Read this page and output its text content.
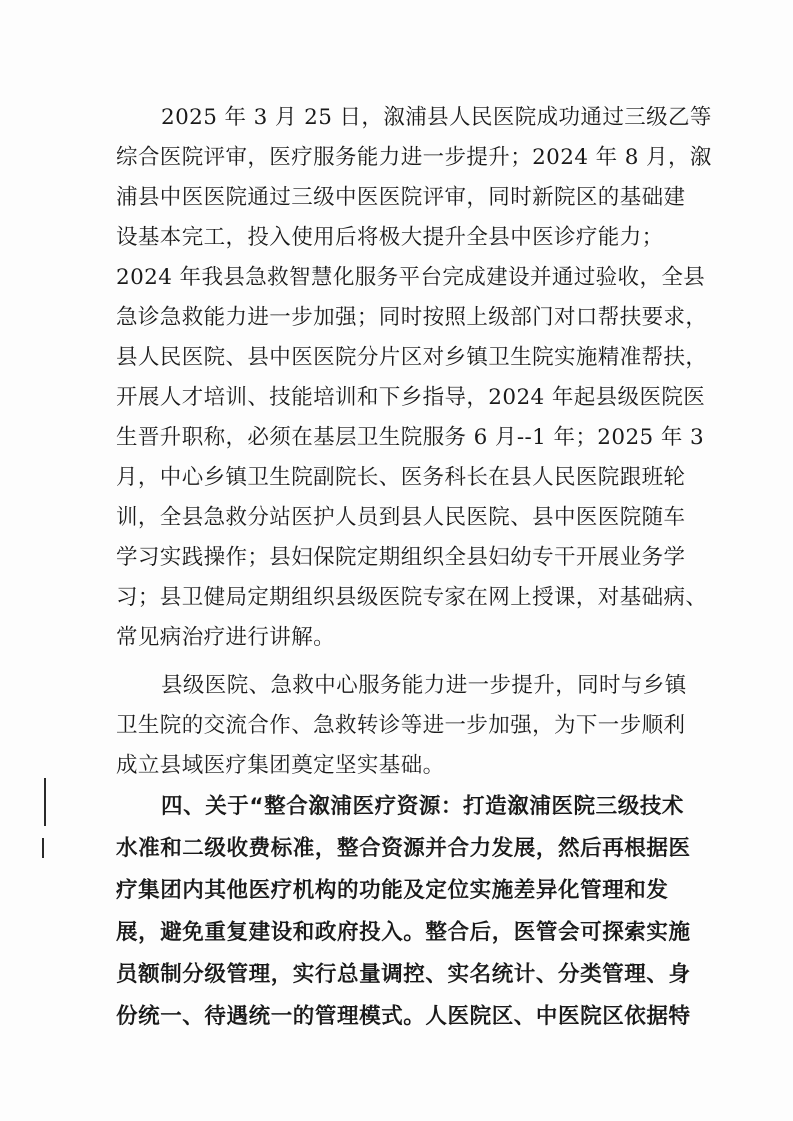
2025 年 3 月 25 日，溆浦县人民医院成功通过三级乙等
综合医院评审，医疗服务能力进一步提升；2024 年 8 月，溆
浦县中医医院通过三级中医医院评审，同时新院区的基础建
设基本完工，投入使用后将极大提升全县中医诊疗能力；
2024 年我县急救智慧化服务平台完成建设并通过验收，全县
急诊急救能力进一步加强；同时按照上级部门对口帮扶要求，
县人民医院、县中医医院分片区对乡镇卫生院实施精准帮扶，
开展人才培训、技能培训和下乡指导，2024 年起县级医院医
生晋升职称，必须在基层卫生院服务 6 月--1 年；2025 年 3
月，中心乡镇卫生院副院长、医务科长在县人民医院跟班轮
训，全县急救分站医护人员到县人民医院、县中医医院随车
学习实践操作；县妇保院定期组织全县妇幼专干开展业务学
习；县卫健局定期组织县级医院专家在网上授课，对基础病、
常见病治疗进行讲解。
县级医院、急救中心服务能力进一步提升，同时与乡镇
卫生院的交流合作、急救转诊等进一步加强，为下一步顺利
成立县域医疗集团奠定坚实基础。
四、关于“整合溆浦医疗资源：打造溆浦医院三级技术
水准和二级收费标准，整合资源并合力发展，然后再根据医
疗集团内其他医疗机构的功能及定位实施差异化管理和发
展，避免重复建设和政府投入。整合后，医管会可探索实施
员额制分级管理，实行总量调控、实名统计、分类管理、身
份统一、待遇统一的管理模式。人医院区、中医院区依据特
